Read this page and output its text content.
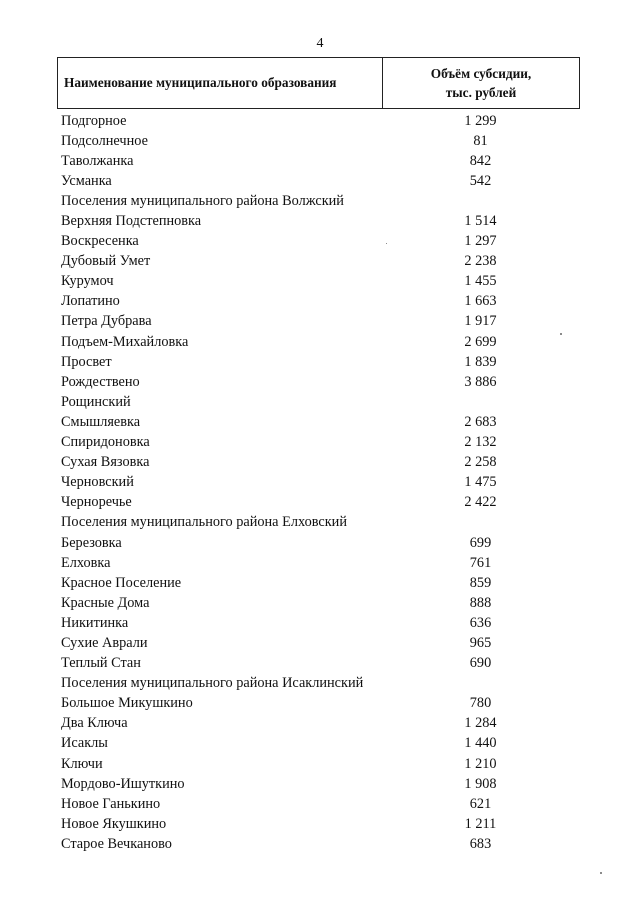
4
Наименование муниципального образования
Объём субсидии,
тыс. рублей
Подгорное	1 299
Подсолнечное	81
Таволжанка	842
Усманка	542
Поселения муниципального района Волжский
Верхняя Подстепновка	1 514
Воскресенка	1 297
Дубовый Умет	2 238
Курумоч	1 455
Лопатино	1 663
Петра Дубрава	1 917
Подъем-Михайловка	2 699
Просвет	1 839
Рождествено	3 886
Рощинский
Смышляевка	2 683
Спиридоновка	2 132
Сухая Вязовка	2 258
Черновский	1 475
Черноречье	2 422
Поселения муниципального района Елховский
Березовка	699
Елховка	761
Красное Поселение	859
Красные Дома	888
Никитинка	636
Сухие Аврали	965
Теплый Стан	690
Поселения муниципального района Исаклинский
Большое Микушкино	780
Два Ключа	1 284
Исаклы	1 440
Ключи	1 210
Мордово-Ишуткино	1 908
Новое Ганькино	621
Новое Якушкино	1 211
Старое Вечканово	683
